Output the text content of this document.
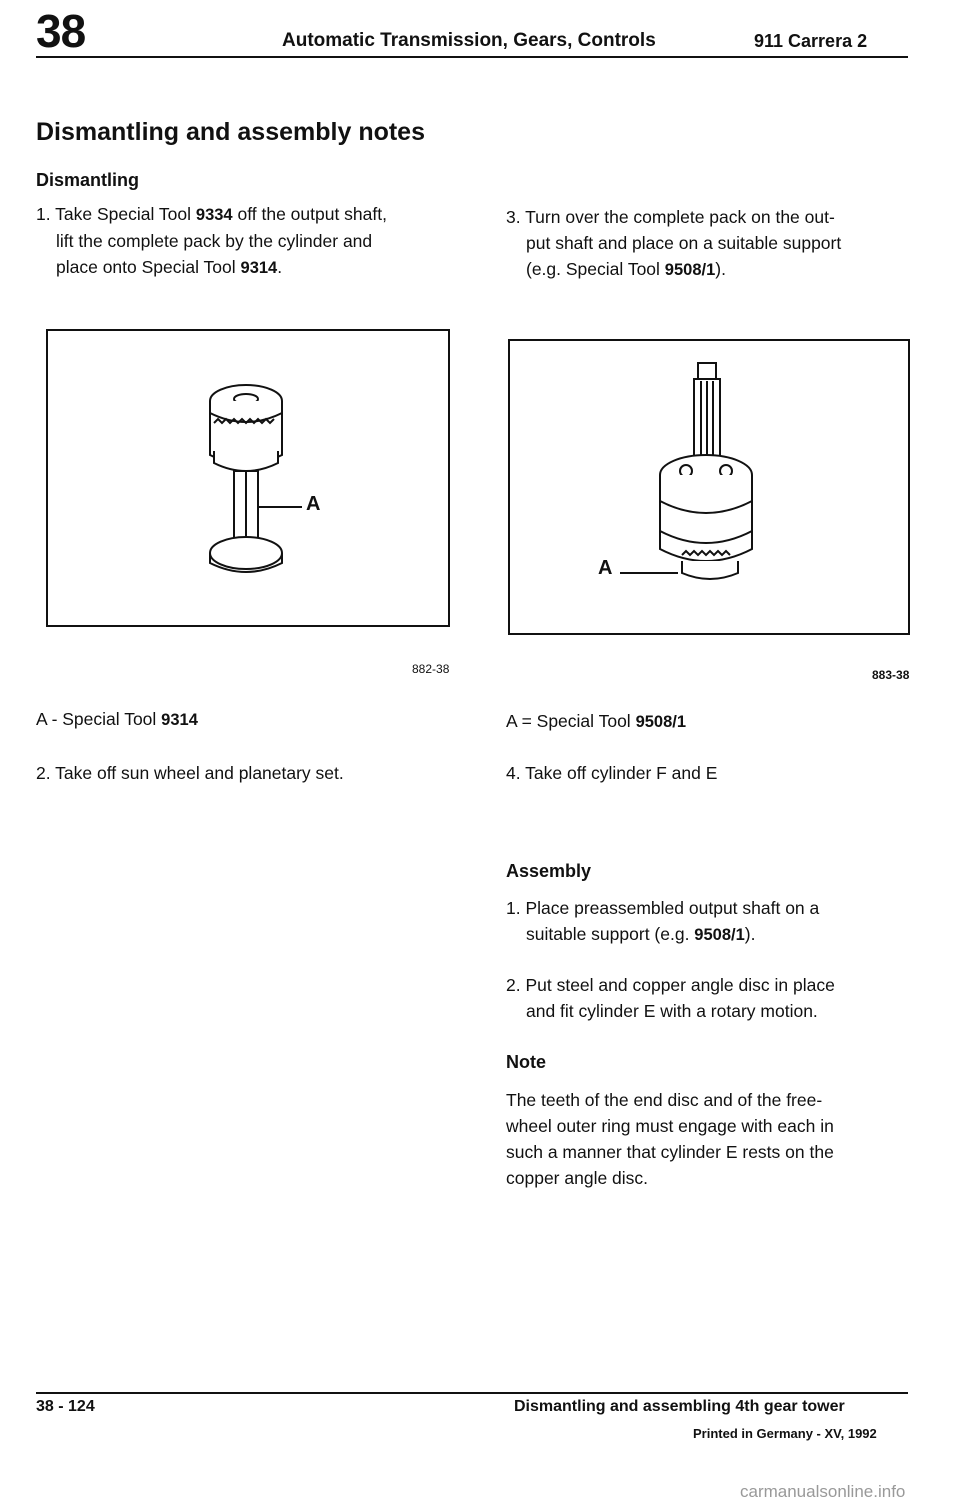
38	Automatic Transmission, Gears, Controls	911 Carrera 2
Dismantling and assembly notes
Dismantling
1. Take Special Tool 9334 off the output shaft,
lift the complete pack by the cylinder and
place onto Special Tool 9314.
A
882-38
A - Special Tool 9314
2. Take off sun wheel and planetary set.
3. Turn over the complete pack on the out-
put shaft and place on a suitable support
(e.g. Special Tool 9508/1).
A
883-38
A = Special Tool 9508/1
4. Take off cylinder F and E
Assembly
1. Place preassembled output shaft on a
suitable support (e.g. 9508/1).
2. Put steel and copper angle disc in place
and fit cylinder E with a rotary motion.
Note
The teeth of the end disc and of the free-
wheel outer ring must engage with each in
such a manner that cylinder E rests on the
copper angle disc.
38 - 124	Dismantling and assembling 4th gear tower
Printed in Germany - XV, 1992
carmanualsonline.info
